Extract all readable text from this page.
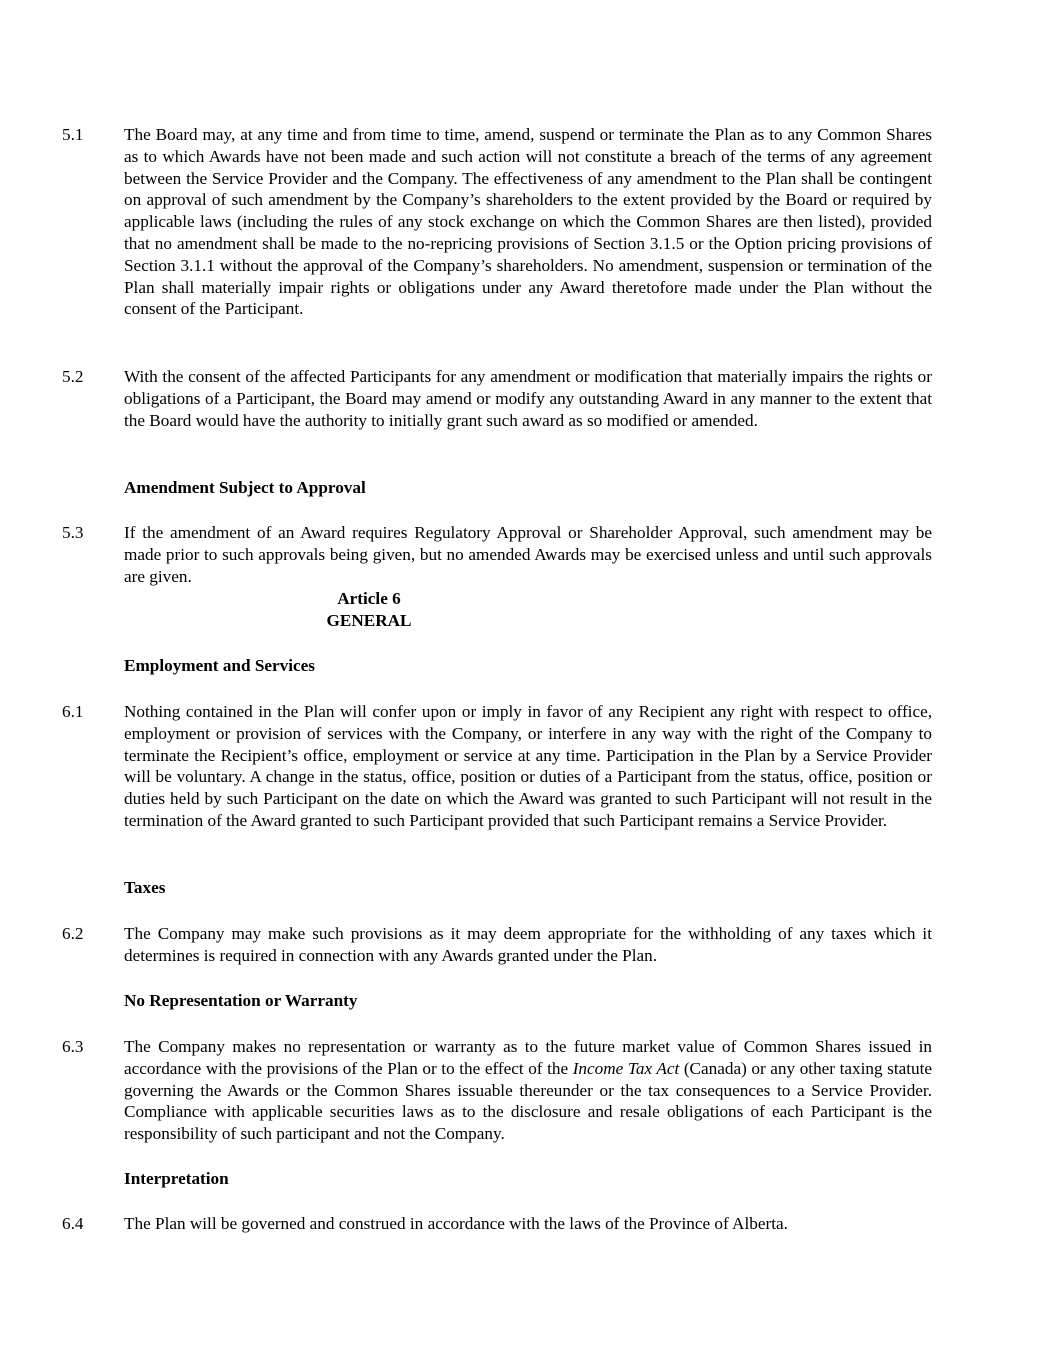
5.1 The Board may, at any time and from time to time, amend, suspend or terminate the Plan as to any Common Shares as to which Awards have not been made and such action will not constitute a breach of the terms of any agreement between the Service Provider and the Company. The effectiveness of any amendment to the Plan shall be contingent on approval of such amendment by the Company’s shareholders to the extent provided by the Board or required by applicable laws (including the rules of any stock exchange on which the Common Shares are then listed), provided that no amendment shall be made to the no-repricing provisions of Section 3.1.5 or the Option pricing provisions of Section 3.1.1 without the approval of the Company’s shareholders. No amendment, suspension or termination of the Plan shall materially impair rights or obligations under any Award theretofore made under the Plan without the consent of the Participant.
5.2 With the consent of the affected Participants for any amendment or modification that materially impairs the rights or obligations of a Participant, the Board may amend or modify any outstanding Award in any manner to the extent that the Board would have the authority to initially grant such award as so modified or amended.
Amendment Subject to Approval
5.3 If the amendment of an Award requires Regulatory Approval or Shareholder Approval, such amendment may be made prior to such approvals being given, but no amended Awards may be exercised unless and until such approvals are given.
Article 6
GENERAL
Employment and Services
6.1 Nothing contained in the Plan will confer upon or imply in favor of any Recipient any right with respect to office, employment or provision of services with the Company, or interfere in any way with the right of the Company to terminate the Recipient’s office, employment or service at any time. Participation in the Plan by a Service Provider will be voluntary. A change in the status, office, position or duties of a Participant from the status, office, position or duties held by such Participant on the date on which the Award was granted to such Participant will not result in the termination of the Award granted to such Participant provided that such Participant remains a Service Provider.
Taxes
6.2 The Company may make such provisions as it may deem appropriate for the withholding of any taxes which it determines is required in connection with any Awards granted under the Plan.
No Representation or Warranty
6.3 The Company makes no representation or warranty as to the future market value of Common Shares issued in accordance with the provisions of the Plan or to the effect of the Income Tax Act (Canada) or any other taxing statute governing the Awards or the Common Shares issuable thereunder or the tax consequences to a Service Provider. Compliance with applicable securities laws as to the disclosure and resale obligations of each Participant is the responsibility of such participant and not the Company.
Interpretation
6.4 The Plan will be governed and construed in accordance with the laws of the Province of Alberta.
